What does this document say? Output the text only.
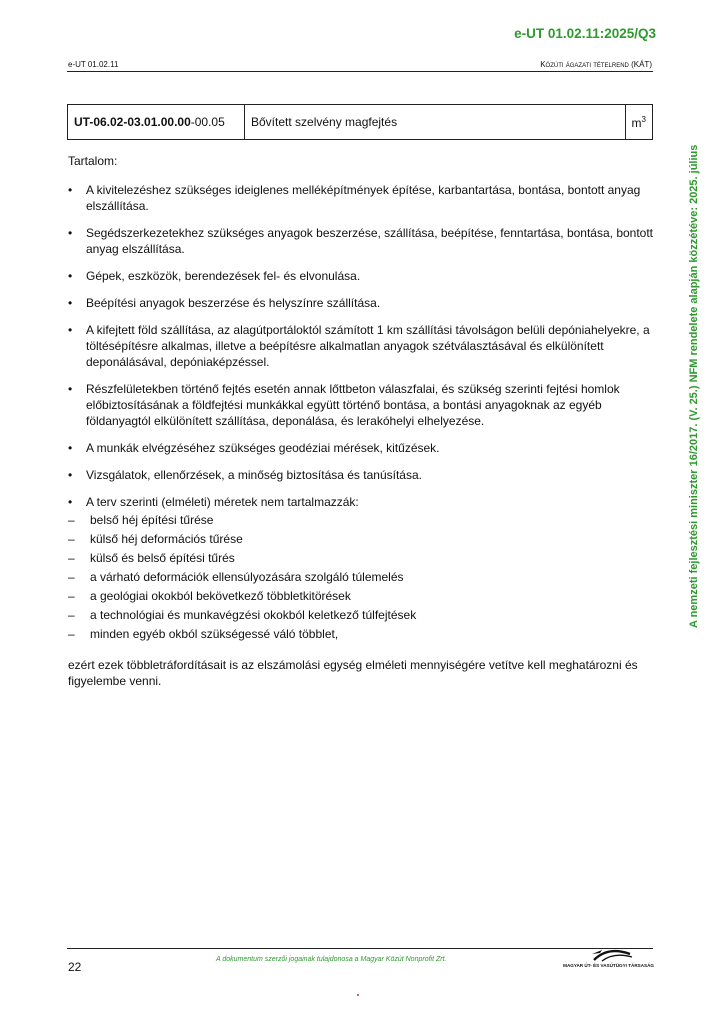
e-UT 01.02.11:2025/Q3
e-UT 01.02.11	Közúti ágazati tételrend (KÁT)
A nemzeti fejlesztési miniszter 16/2017. (V. 25.) NFM rendelete alapján közzétéve: 2025. július
UT-06.02-03.01.00.00-00.05	Bővített szelvény magfejtés	$m^3$

Tartalom:

• A kivitelezéshez szükséges ideiglenes melléképítmények építése, karbantartása, bontása, bontott anyag elszállítása.
• Segédszerkezetekhez szükséges anyagok beszerzése, szállítása, beépítése, fenntartása, bontása, bontott anyag elszállítása.
• Gépek, eszközök, berendezések fel- és elvonulása.
• Beépítési anyagok beszerzése és helyszínre szállítása.
• A kifejtett föld szállítása, az alagútportáloktól számított 1 km szállítási távolságon belüli depóniahelyekre, a töltésépítésre alkalmas, illetve a beépítésre alkalmatlan anyagok szétválasztásával és elkülönített deponálásával, depóniaképzéssel.
• Részfelületekben történő fejtés esetén annak lőttbeton válaszfalai, és szükség szerinti fejtési homlok előbiztosításának a földfejtési munkákkal együtt történő bontása, a bontási anyagoknak az egyéb földanyagtól elkülönített szállítása, deponálása, és lerakóhelyi elhelyezése.
• A munkák elvégzéséhez szükséges geodéziai mérések, kitűzések.
• Vizsgálatok, ellenőrzések, a minőség biztosítása és tanúsítása.
• A terv szerinti (elméleti) méretek nem tartalmazzák:
– belső héj építési tűrése
– külső héj deformációs tűrése
– külső és belső építési tűrés
– a várható deformációk ellensúlyozására szolgáló túlemelés
– a geológiai okokból bekövetkező többletkitörések
– a technológiai és munkavégzési okokból keletkező túlfejtések
– minden egyéb okból szükségessé váló többlet,

ezért ezek többletráfordításait is az elszámolási egység elméleti mennyiségére vetítve kell meghatározni és figyelembe venni.

22
A dokumentum szerzői jogainak tulajdonosa a Magyar Közút Nonprofit Zrt.
MAGYAR ÚT- ÉS VASÚTÜGYI TÁRSASÁG
